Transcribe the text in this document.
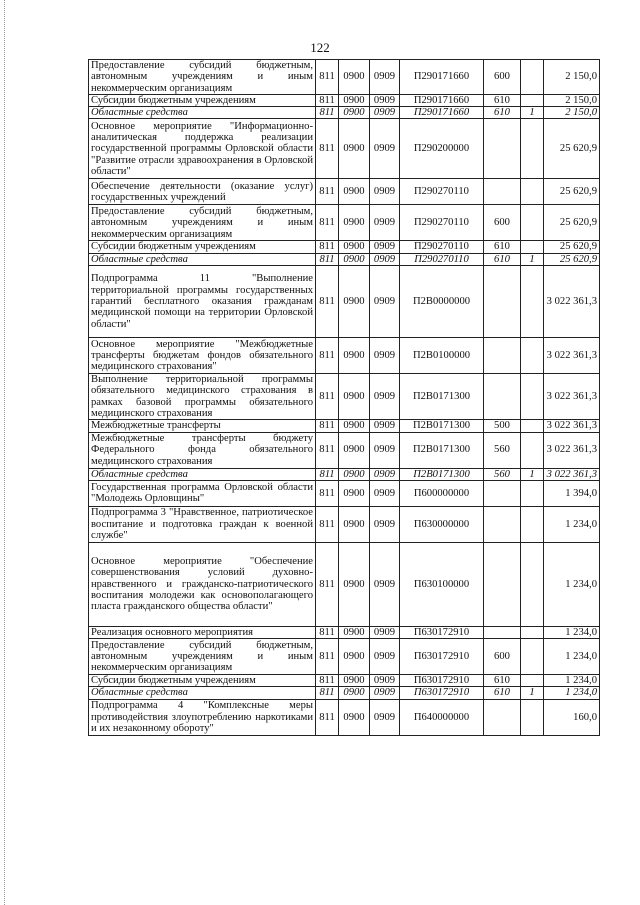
122
Предоставление субсидий бюджетным, автономным учреждениям и иным некоммерческим организациям	811	0900	0909	П290171660	600		2 150,0
Субсидии бюджетным учреждениям	811	0900	0909	П290171660	610		2 150,0
Областные средства	811	0900	0909	П290171660	610	1	2 150,0
Основное мероприятие "Информационно-аналитическая поддержка реализации государственной программы Орловской области "Развитие отрасли здравоохранения в Орловской области"	811	0900	0909	П290200000			25 620,9
Обеспечение деятельности (оказание услуг) государственных учреждений	811	0900	0909	П290270110			25 620,9
Предоставление субсидий бюджетным, автономным учреждениям и иным некоммерческим организациям	811	0900	0909	П290270110	600		25 620,9
Субсидии бюджетным учреждениям	811	0900	0909	П290270110	610		25 620,9
Областные средства	811	0900	0909	П290270110	610	1	25 620,9
Подпрограмма 11 "Выполнение территориальной программы государственных гарантий бесплатного оказания гражданам медицинской помощи на территории Орловской области"	811	0900	0909	П2В0000000			3 022 361,3
Основное мероприятие "Межбюджетные трансферты бюджетам фондов обязательного медицинского страхования"	811	0900	0909	П2В0100000			3 022 361,3
Выполнение территориальной программы обязательного медицинского страхования в рамках базовой программы обязательного медицинского страхования	811	0900	0909	П2В0171300			3 022 361,3
Межбюджетные трансферты	811	0900	0909	П2В0171300	500		3 022 361,3
Межбюджетные трансферты бюджету Федерального фонда обязательного медицинского страхования	811	0900	0909	П2В0171300	560		3 022 361,3
Областные средства	811	0900	0909	П2В0171300	560	1	3 022 361,3
Государственная программа Орловской области "Молодежь Орловщины"	811	0900	0909	П600000000			1 394,0
Подпрограмма 3 "Нравственное, патриотическое воспитание и подготовка граждан к военной службе"	811	0900	0909	П630000000			1 234,0
Основное мероприятие "Обеспечение совершенствования условий духовно-нравственного и гражданско-патриотического воспитания молодежи как основополагающего пласта гражданского общества области"	811	0900	0909	П630100000			1 234,0
Реализация основного мероприятия	811	0900	0909	П630172910			1 234,0
Предоставление субсидий бюджетным, автономным учреждениям и иным некоммерческим организациям	811	0900	0909	П630172910	600		1 234,0
Субсидии бюджетным учреждениям	811	0900	0909	П630172910	610		1 234,0
Областные средства	811	0900	0909	П630172910	610	1	1 234,0
Подпрограмма 4 "Комплексные меры противодействия злоупотреблению наркотиками и их незаконному обороту"	811	0900	0909	П640000000			160,0
